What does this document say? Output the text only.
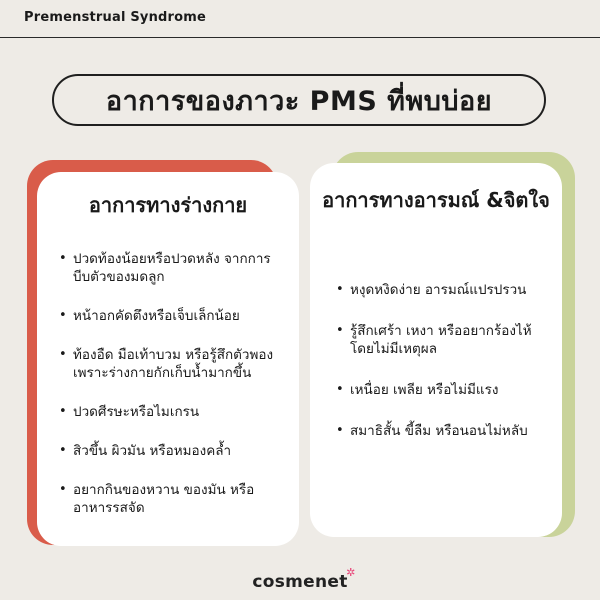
Premenstrual Syndrome
อาการของภาวะ PMS ที่พบบ่อย
อาการทางร่างกาย
• ปวดท้องน้อยหรือปวดหลัง จากการบีบตัวของมดลูก
• หน้าอกคัดตึงหรือเจ็บเล็กน้อย
• ท้องอืด มือเท้าบวม หรือรู้สึกตัวพองเพราะร่างกายกักเก็บน้ำมากขึ้น
• ปวดศีรษะหรือไมเกรน
• สิวขึ้น ผิวมัน หรือหมองคล้ำ
• อยากกินของหวาน ของมัน หรืออาหารรสจัด
อาการทางอารมณ์ &จิตใจ
• หงุดหงิดง่าย อารมณ์แปรปรวน
• รู้สึกเศร้า เหงา หรืออยากร้องไห้โดยไม่มีเหตุผล
• เหนื่อย เพลีย หรือไม่มีแรง
• สมาธิสั้น ขี้ลืม หรือนอนไม่หลับ
cosmenet
✲
